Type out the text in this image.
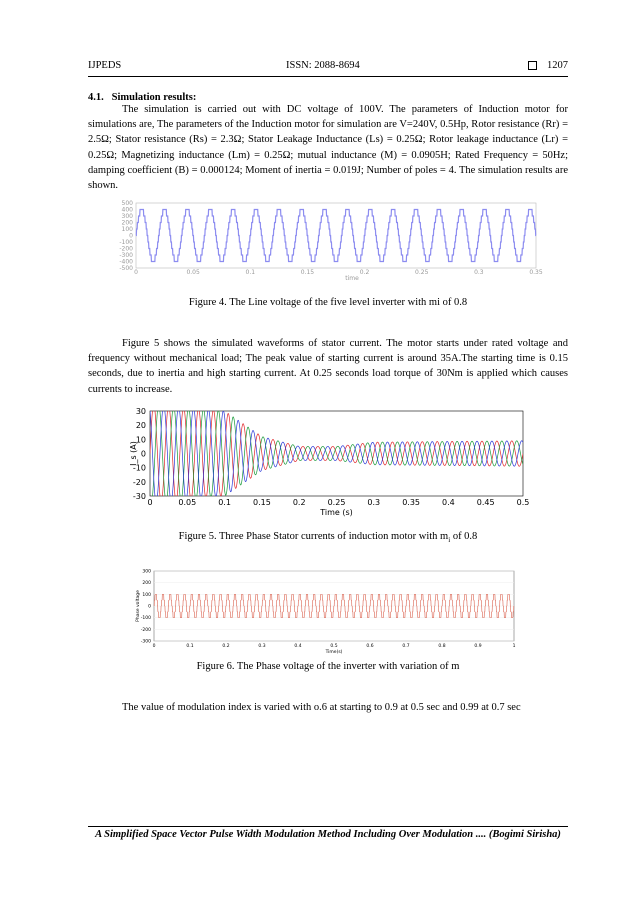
IJPEDS	ISSN: 2088-8694	1207
4.1. Simulation results:
The simulation is carried out with DC voltage of 100V. The parameters of Induction motor for simulations are, The parameters of the Induction motor for simulation are V=240V, 0.5Hp, Rotor resistance (Rr) = 2.5Ω; Stator resistance (Rs) = 2.3Ω; Stator Leakage Inductance (Ls) = 0.25Ω; Rotor leakage inductance (Lr) = 0.25Ω; Magnetizing inductance (Lm) = 0.25Ω; mutual inductance (M) = 0.0905H; Rated Frequency = 50Hz; damping coefficient (B) = 0.000124; Moment of inertia = 0.019J; Number of poles = 4. The simulation results are shown.
500
400
300
200
100
0
-100
-200
-300
-400
-500
0	0.05	0.1	0.15	0.2	0.25	0.3	0.35
time
Figure 4. The Line voltage of the five level inverter with mi of 0.8
Figure 5 shows the simulated waveforms of stator current. The motor starts under rated voltage and frequency without mechanical load; The peak value of starting current is around 35A.The starting time is 0.15 seconds, due to inertia and high starting current. At 0.25 seconds load torque of 30Nm is applied which causes currents to increase.
30
20
10
0
-10
-20
-30
0	0.05	0.1	0.15	0.2	0.25	0.3	0.35	0.4	0.45	0.5
Time (s)
I_s (A)
Figure 5. Three Phase Stator currents of induction motor with $m_i$ of 0.8
300
200
100
0
-100
-200
-300
0	0.1	0.2	0.3	0.4	0.5	0.6	0.7	0.8	0.9	1
Time(s)
Phase voltage
Figure 6. The Phase voltage of the inverter with variation of m
The value of modulation index is varied with o.6 at starting to 0.9 at 0.5 sec and 0.99 at 0.7 sec
A Simplified Space Vector Pulse Width Modulation Method Including Over Modulation .... (Bogimi Sirisha)
